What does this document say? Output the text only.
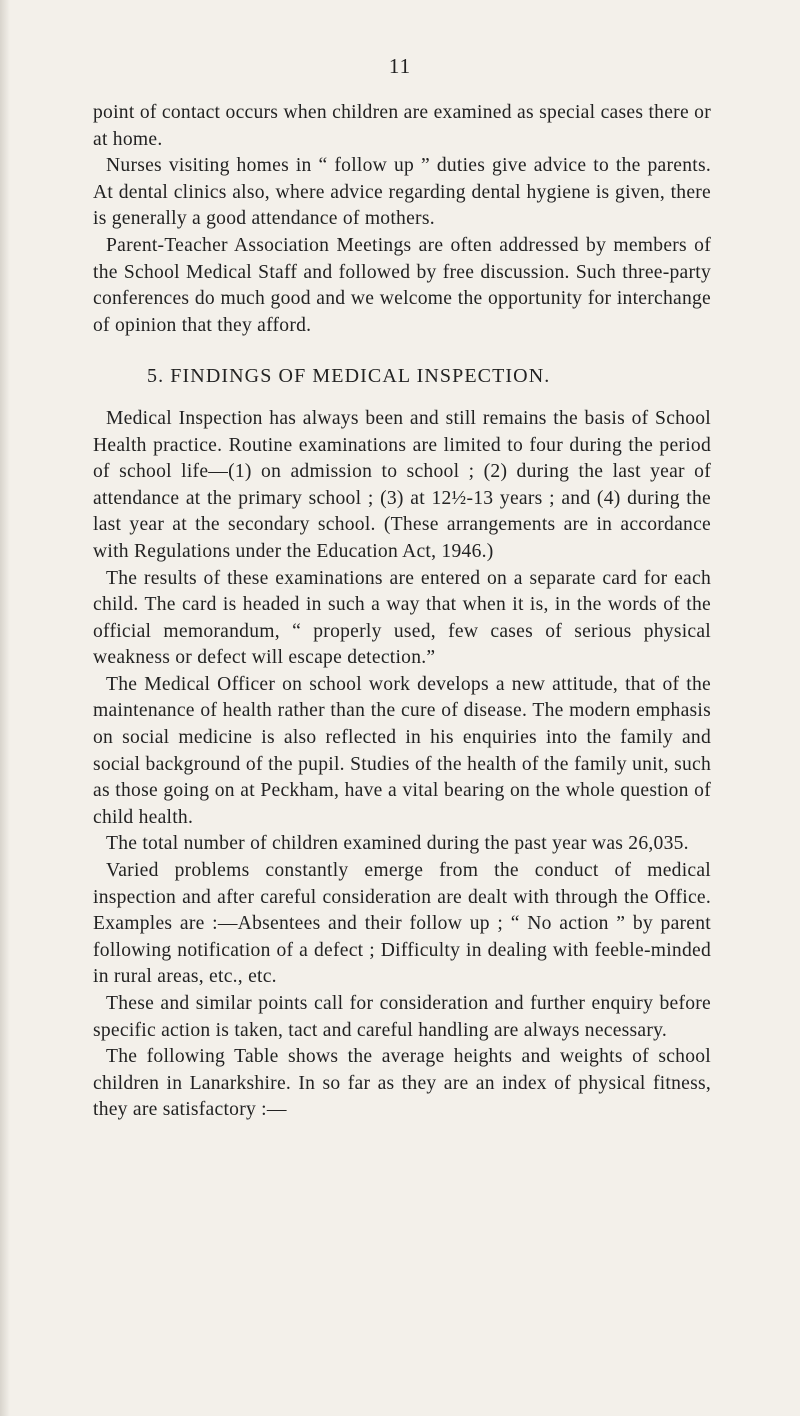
11

point of contact occurs when children are examined as special cases there or at home.

Nurses visiting homes in “ follow up ” duties give advice to the parents. At dental clinics also, where advice regarding dental hygiene is given, there is generally a good attendance of mothers.

Parent-Teacher Association Meetings are often addressed by members of the School Medical Staff and followed by free discussion. Such three-party conferences do much good and we welcome the opportunity for interchange of opinion that they afford.

5. FINDINGS OF MEDICAL INSPECTION.

Medical Inspection has always been and still remains the basis of School Health practice. Routine examinations are limited to four during the period of school life—(1) on admission to school ; (2) during the last year of attendance at the primary school ; (3) at 12½-13 years ; and (4) during the last year at the secondary school. (These arrangements are in accordance with Regulations under the Education Act, 1946.)

The results of these examinations are entered on a separate card for each child. The card is headed in such a way that when it is, in the words of the official memorandum, “ properly used, few cases of serious physical weakness or defect will escape detection.”

The Medical Officer on school work develops a new attitude, that of the maintenance of health rather than the cure of disease. The modern emphasis on social medicine is also reflected in his enquiries into the family and social background of the pupil. Studies of the health of the family unit, such as those going on at Peckham, have a vital bearing on the whole question of child health.

The total number of children examined during the past year was 26,035.

Varied problems constantly emerge from the conduct of medical inspection and after careful consideration are dealt with through the Office. Examples are :—Absentees and their follow up ; “ No action ” by parent following notification of a defect ; Difficulty in dealing with feeble-minded in rural areas, etc., etc.

These and similar points call for consideration and further enquiry before specific action is taken, tact and careful handling are always necessary.

The following Table shows the average heights and weights of school children in Lanarkshire. In so far as they are an index of physical fitness, they are satisfactory :—
